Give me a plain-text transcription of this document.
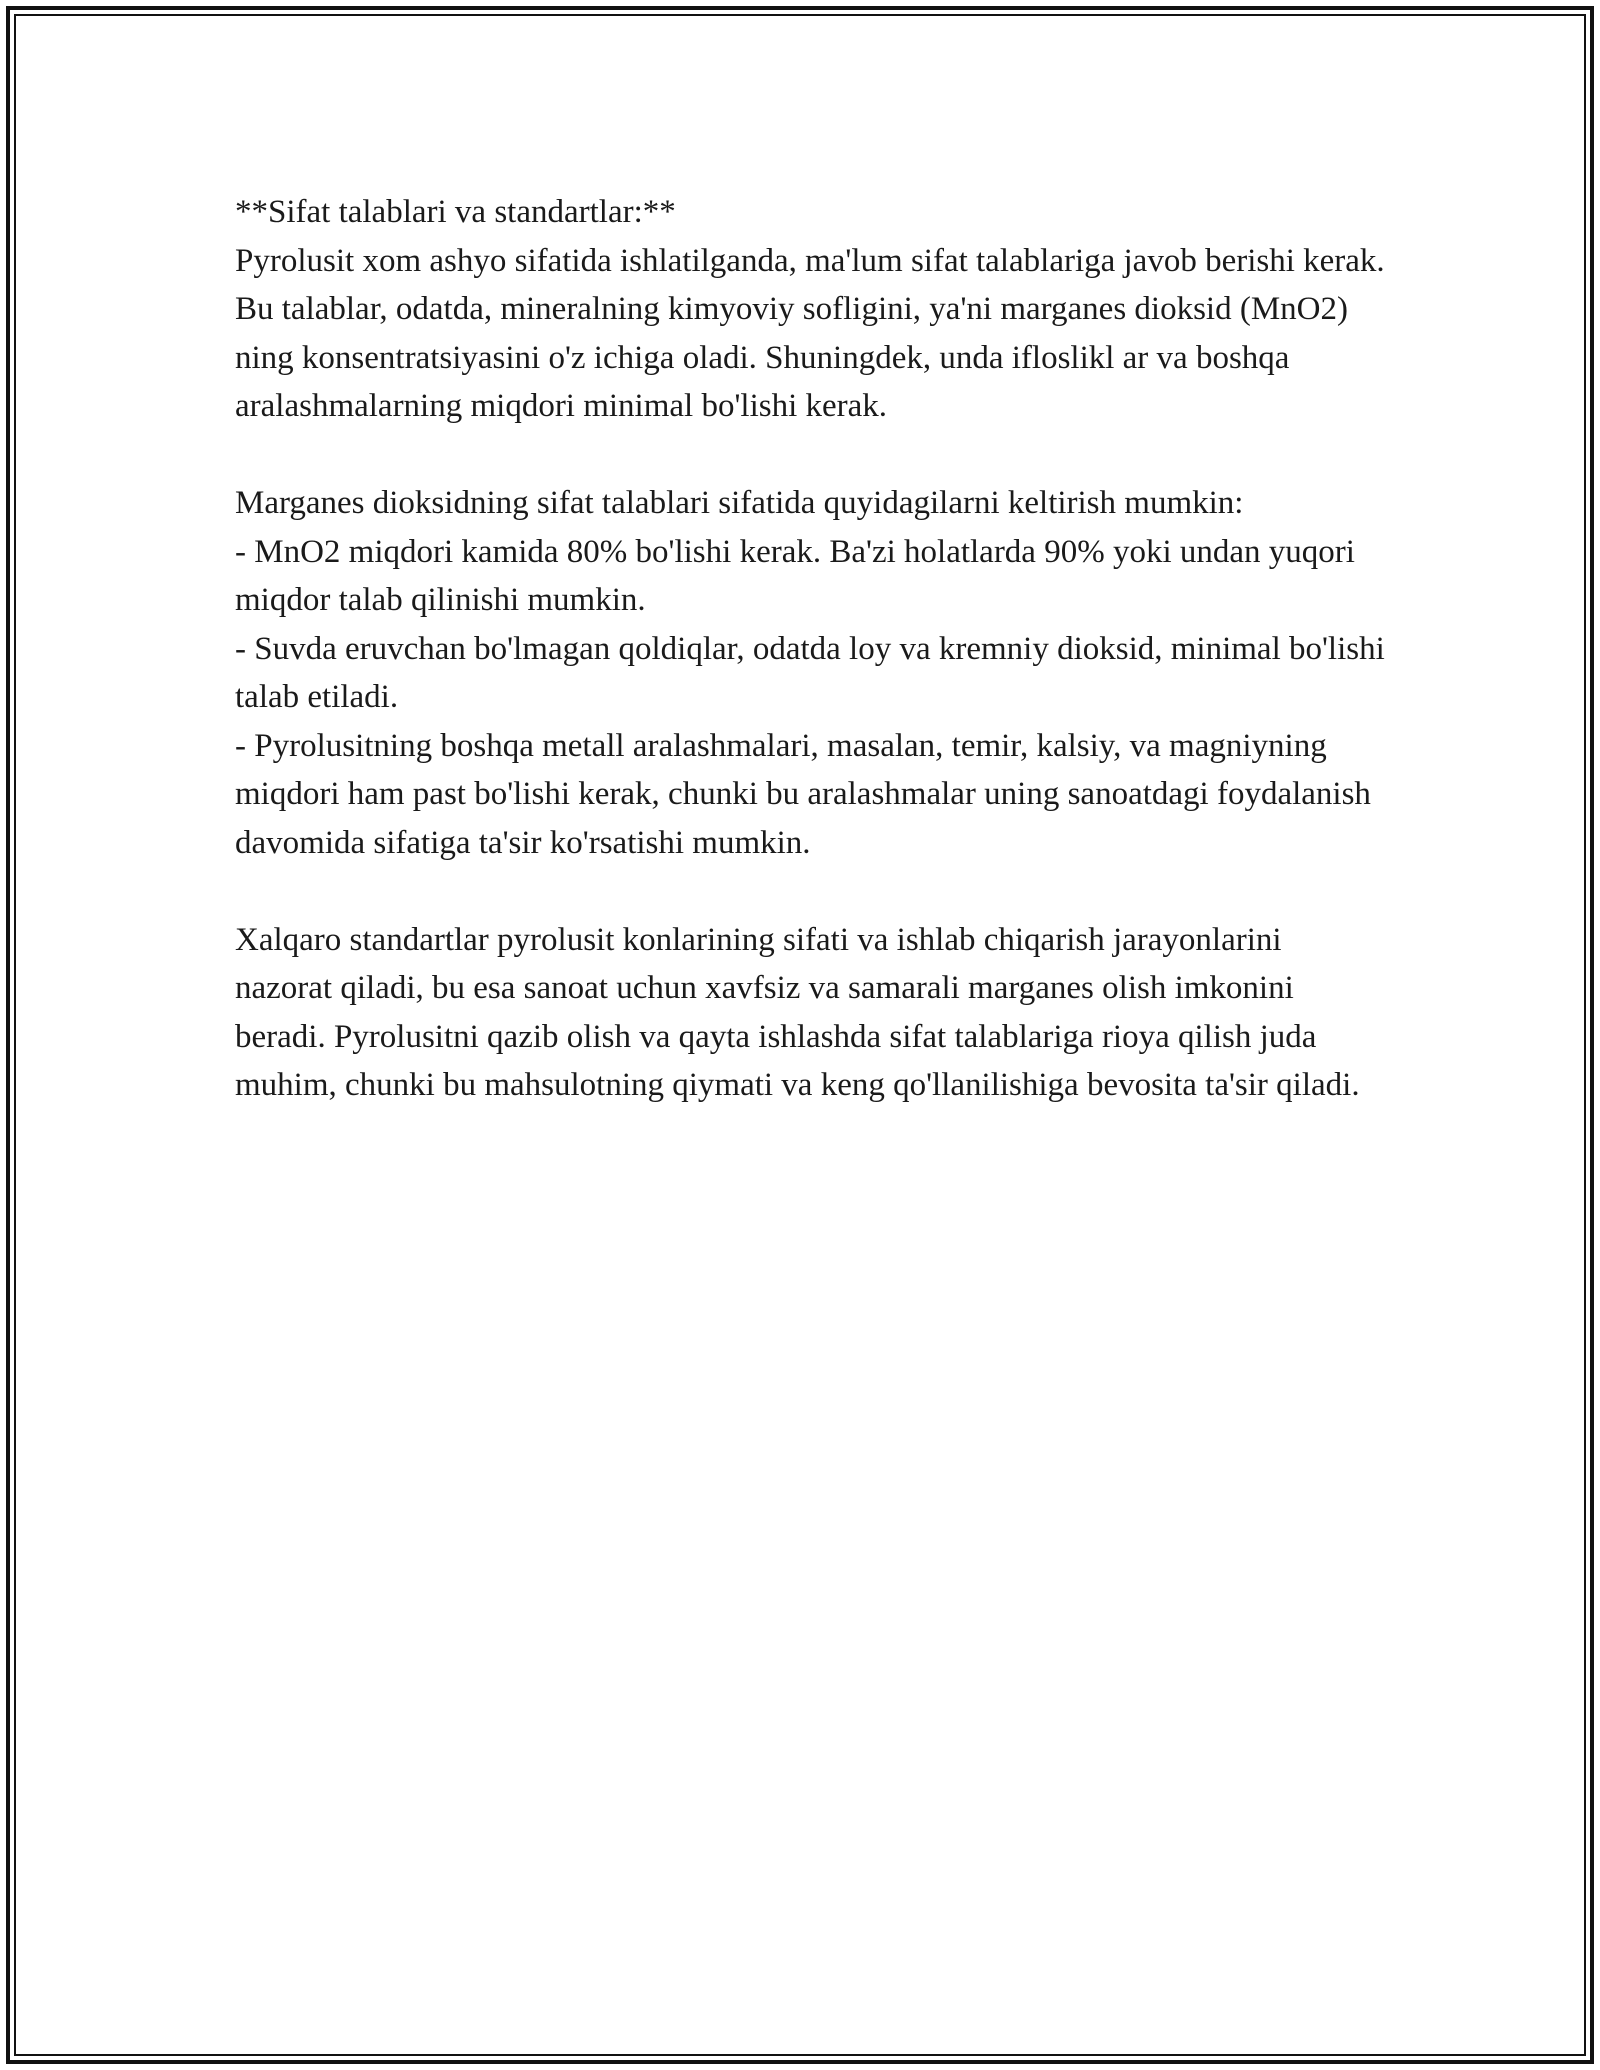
**Sifat talablari va standartlar:**

Pyrolusit xom ashyo sifatida ishlatilganda, ma'lum sifat talablariga javob berishi kerak. Bu talablar, odatda, mineralning kimyoviy sofligini, ya'ni marganes dioksid (MnO2) ning konsentratsiyasini o'z ichiga oladi. Shuningdek, unda ifloslikl ar va boshqa aralashmalarning miqdori minimal bo'lishi kerak.

Marganes dioksidning sifat talablari sifatida quyidagilarni keltirish mumkin:

- MnO2 miqdori kamida 80% bo'lishi kerak. Ba'zi holatlarda 90% yoki undan yuqori miqdor talab qilinishi mumkin.

- Suvda eruvchan bo'lmagan qoldiqlar, odatda loy va kremniy dioksid, minimal bo'lishi talab etiladi.

- Pyrolusitning boshqa metall aralashmalari, masalan, temir, kalsiy, va magniyning miqdori ham past bo'lishi kerak, chunki bu aralashmalar uning sanoatdagi foydalanish davomida sifatiga ta'sir ko'rsatishi mumkin.

Xalqaro standartlar pyrolusit konlarining sifati va ishlab chiqarish jarayonlarini nazorat qiladi, bu esa sanoat uchun xavfsiz va samarali marganes olish imkonini beradi. Pyrolusitni qazib olish va qayta ishlashda sifat talablariga rioya qilish juda muhim, chunki bu mahsulotning qiymati va keng qo'llanilishiga bevosita ta'sir qiladi.
